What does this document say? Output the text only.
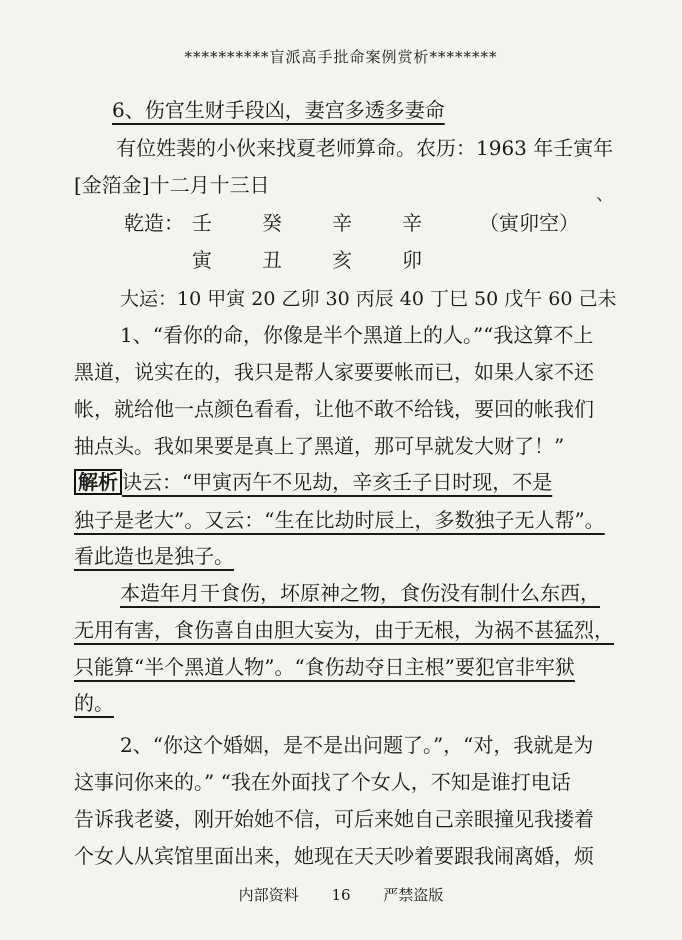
**********盲派高手批命案例赏析********
6、伤官生财手段凶，妻宫多透多妻命
有位姓裴的小伙来找夏老师算命。农历：1963 年壬寅年
[金箔金]十二月十三日	、
乾造： 壬	癸	辛	辛	（寅卯空）
寅	丑	亥	卯
大运：10 甲寅 20 乙卯 30 丙辰 40 丁巳 50 戊午 60 己未
1、“看你的命，你像是半个黑道上的人。”“我这算不上
黑道，说实在的，我只是帮人家要要帐而已，如果人家不还
帐，就给他一点颜色看看，让他不敢不给钱，要回的帐我们
抽点头。我如果要是真上了黑道，那可早就发大财了！”
解析 诀云：“甲寅丙午不见劫，辛亥壬子日时现，不是
独子是老大”。又云：“生在比劫时辰上，多数独子无人帮”。
看此造也是独子。
本造年月干食伤，坏原神之物，食伤没有制什么东西，
无用有害，食伤喜自由胆大妄为，由于无根，为祸不甚猛烈，
只能算“半个黑道人物”。“食伤劫夺日主根”要犯官非牢狱
的。
2、“你这个婚姻，是不是出问题了。”，“对，我就是为
这事问你来的。” “我在外面找了个女人，不知是谁打电话
告诉我老婆，刚开始她不信，可后来她自己亲眼撞见我搂着
个女人从宾馆里面出来，她现在天天吵着要跟我闹离婚，烦
内部资料 16 严禁盗版
